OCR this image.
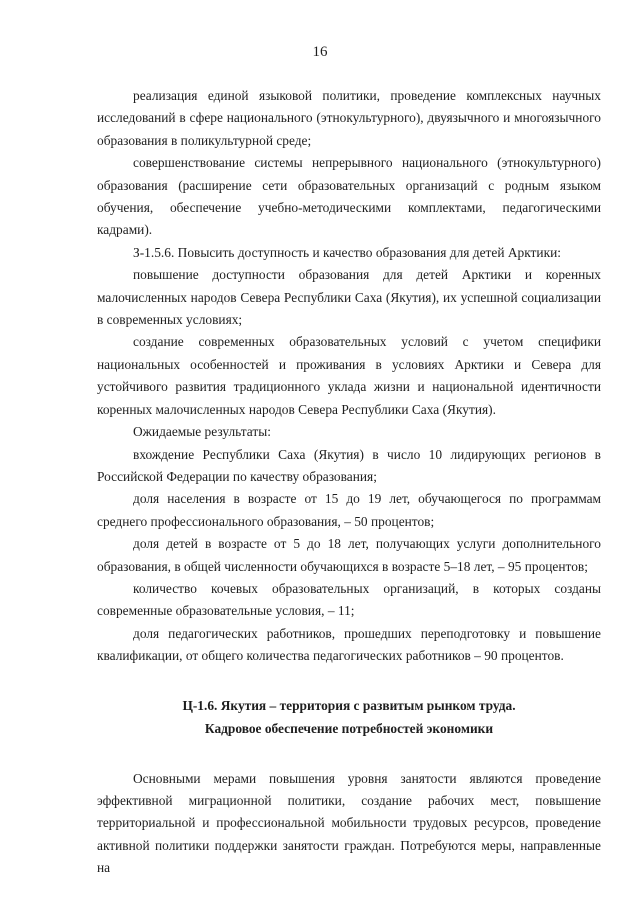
16

реализация единой языковой политики, проведение комплексных научных исследований в сфере национального (этнокультурного), двуязычного и многоязычного образования в поликультурной среде;

совершенствование системы непрерывного национального (этнокультурного) образования (расширение сети образовательных организаций с родным языком обучения, обеспечение учебно-методическими комплектами, педагогическими кадрами).

З-1.5.6. Повысить доступность и качество образования для детей Арктики:

повышение доступности образования для детей Арктики и коренных малочисленных народов Севера Республики Саха (Якутия), их успешной социализации в современных условиях;

создание современных образовательных условий с учетом специфики национальных особенностей и проживания в условиях Арктики и Севера для устойчивого развития традиционного уклада жизни и национальной идентичности коренных малочисленных народов Севера Республики Саха (Якутия).

Ожидаемые результаты:

вхождение Республики Саха (Якутия) в число 10 лидирующих регионов в Российской Федерации по качеству образования;

доля населения в возрасте от 15 до 19 лет, обучающегося по программам среднего профессионального образования, – 50 процентов;

доля детей в возрасте от 5 до 18 лет, получающих услуги дополнительного образования, в общей численности обучающихся в возрасте 5–18 лет, – 95 процентов;

количество кочевых образовательных организаций, в которых созданы современные образовательные условия, – 11;

доля педагогических работников, прошедших переподготовку и повышение квалификации, от общего количества педагогических работников – 90 процентов.

Ц-1.6. Якутия – территория с развитым рынком труда.

Кадровое обеспечение потребностей экономики

Основными мерами повышения уровня занятости являются проведение эффективной миграционной политики, создание рабочих мест, повышение территориальной и профессиональной мобильности трудовых ресурсов, проведение активной политики поддержки занятости граждан. Потребуются меры, направленные на
